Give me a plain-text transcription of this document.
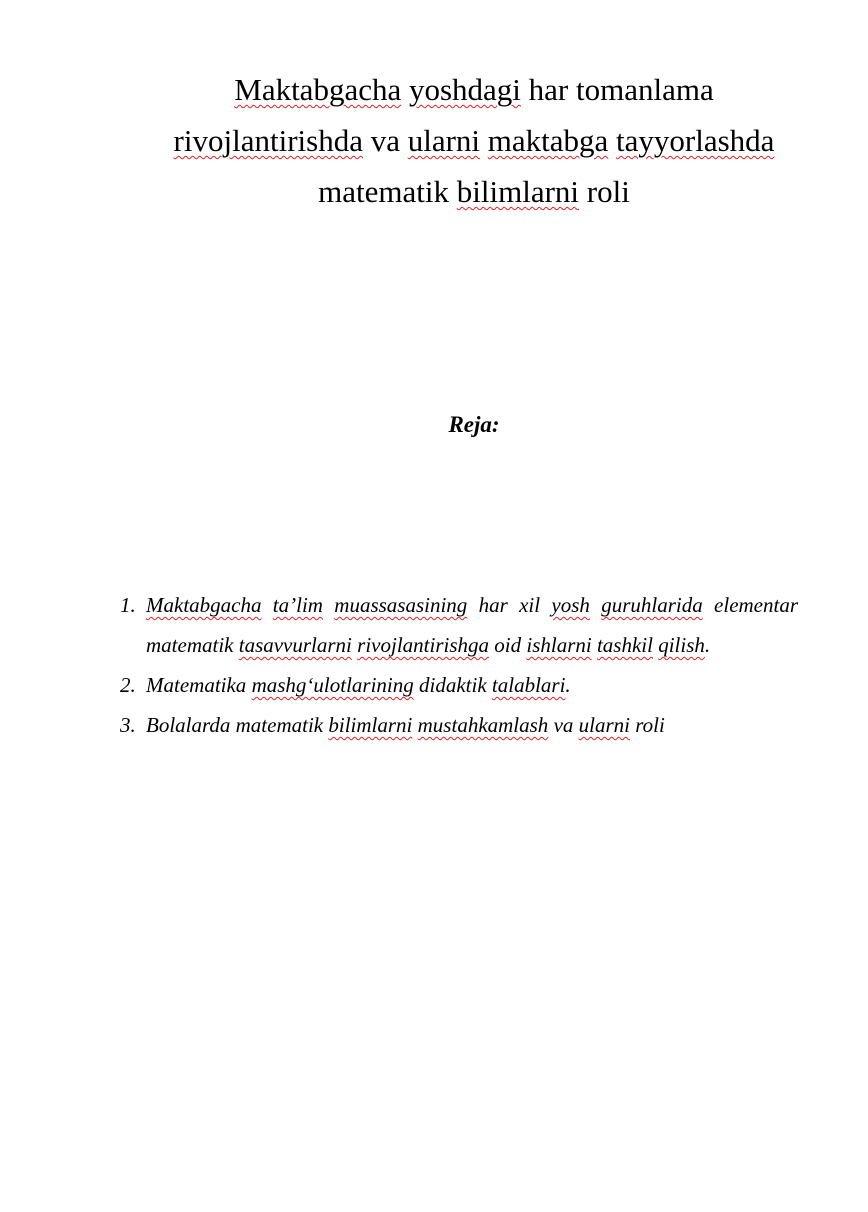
Maktabgacha yoshdagi har tomanlama
rivojlantirishda va ularni maktabga tayyorlashda
matematik bilimlarni roli
Reja:
1. Maktabgacha ta’lim muassasasining har xil yosh guruhlarida elementar matematik tasavvurlarni rivojlantirishga oid ishlarni tashkil qilish.
2. Matematika mashg‘ulotlarining didaktik talablari.
3. Bolalarda matematik bilimlarni mustahkamlash va ularni roli
